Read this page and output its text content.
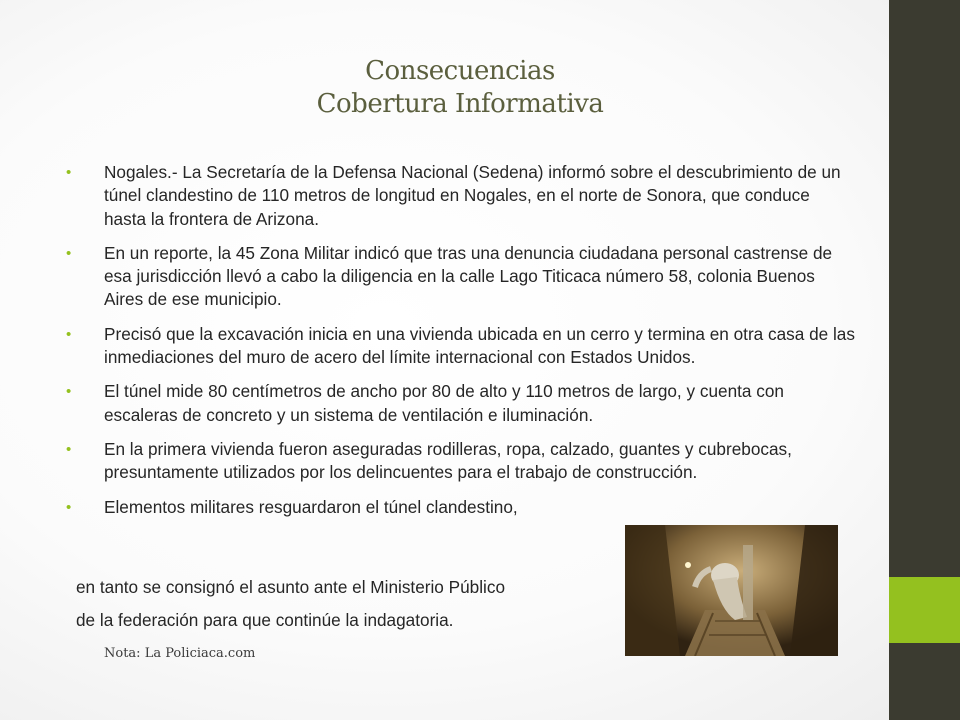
Consecuencias
Cobertura Informativa
• Nogales.- La Secretaría de la Defensa Nacional (Sedena) informó sobre el descubrimiento de un túnel clandestino de 110 metros de longitud en Nogales, en el norte de Sonora, que conduce hasta la frontera de Arizona.
• En un reporte, la 45 Zona Militar indicó que tras una denuncia ciudadana personal castrense de esa jurisdicción llevó a cabo la diligencia en la calle Lago Titicaca número 58, colonia Buenos Aires de ese municipio.
• Precisó que la excavación inicia en una vivienda ubicada en un cerro y termina en otra casa de las inmediaciones del muro de acero del límite internacional con Estados Unidos.
• El túnel mide 80 centímetros de ancho por 80 de alto y 110 metros de largo, y cuenta con escaleras de concreto y un sistema de ventilación e iluminación.
• En la primera vivienda fueron aseguradas rodilleras, ropa, calzado, guantes y cubrebocas, presuntamente utilizados por los delincuentes para el trabajo de construcción.
• Elementos militares resguardaron el túnel clandestino,
en tanto se consignó el asunto ante el Ministerio Público
de la federación para que continúe la indagatoria.
Nota: La Policiaca.com
